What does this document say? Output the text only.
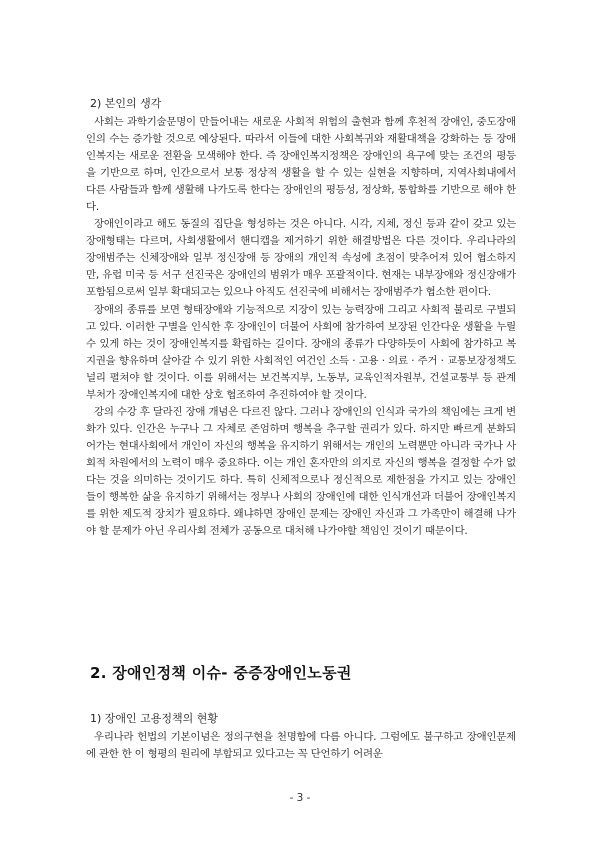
2) 본인의 생각

사회는 과학기술문명이 만들어내는 새로운 사회적 위험의 출현과 함께 후천적 장애인, 중도장애인의 수는 증가할 것으로 예상된다. 따라서 이들에 대한 사회복귀와 재활대책을 강화하는 등 장애인복지는 새로운 전환을 모색해야 한다. 즉 장애인복지정책은 장애인의 욕구에 맞는 조건의 평등을 기반으로 하며, 인간으로서 보통 정상적 생활을 할 수 있는 실현을 지향하며, 지역사회내에서 다른 사람들과 함께 생활해 나가도록 한다는 장애인의 평등성, 정상화, 통합화를 기반으로 해야 한다.

장애인이라고 해도 동질의 집단을 형성하는 것은 아니다. 시각, 지체, 정신 등과 같이 갖고 있는 장애형태는 다르며, 사회생활에서 핸디캡을 제거하기 위한 해결방법은 다른 것이다. 우리나라의 장애범주는 신체장애와 일부 정신장애 등 장애의 개인적 속성에 초점이 맞추어져 있어 협소하지만, 유럽 미국 등 서구 선진국은 장애인의 범위가 매우 포괄적이다. 현재는 내부장애와 정신장애가 포함됨으로써 일부 확대되고는 있으나 아직도 선진국에 비해서는 장애범주가 협소한 편이다.

장애의 종류를 보면 형태장애와 기능적으로 지장이 있는 능력장애 그리고 사회적 불리로 구별되고 있다. 이러한 구별을 인식한 후 장애인이 더불어 사회에 참가하여 보장된 인간다운 생활을 누릴 수 있게 하는 것이 장애인복지를 확립하는 길이다. 장애의 종류가 다양하듯이 사회에 참가하고 복지권을 향유하며 살아갈 수 있기 위한 사회적인 여건인 소득 · 고용 · 의료 · 주거 · 교통보장정책도 널리 펼쳐야 할 것이다. 이를 위해서는 보건복지부, 노동부, 교육인적자원부, 건설교통부 등 관계부처가 장애인복지에 대한 상호 협조하여 추진하여야 할 것이다.

강의 수강 후 달라진 장애 개념은 다르진 않다. 그러나 장애인의 인식과 국가의 책임에는 크게 변화가 있다. 인간은 누구나 그 자체로 존엄하며 행복을 추구할 권리가 있다. 하지만 빠르게 분화되어가는 현대사회에서 개인이 자신의 행복을 유지하기 위해서는 개인의 노력뿐만 아니라 국가나 사회적 차원에서의 노력이 매우 중요하다. 이는 개인 혼자만의 의지로 자신의 행복을 결정할 수가 없다는 것을 의미하는 것이기도 하다. 특히 신체적으로나 정신적으로 제한점을 가지고 있는 장애인들이 행복한 삶을 유지하기 위해서는 정부나 사회의 장애인에 대한 인식개선과 더불어 장애인복지를 위한 제도적 장치가 필요하다. 왜냐하면 장애인 문제는 장애인 자신과 그 가족만이 해결해 나가야 할 문제가 아닌 우리사회 전체가 공동으로 대처해 나가야할 책임인 것이기 때문이다.

2. 장애인정책 이슈- 중증장애인노동권

1) 장애인 고용정책의 현황

우리나라 헌법의 기본이념은 정의구현을 천명함에 다름 아니다. 그럼에도 불구하고 장애인문제에 관한 한 이 형평의 원리에 부합되고 있다고는 꼭 단언하기 어려운

- 3 -
